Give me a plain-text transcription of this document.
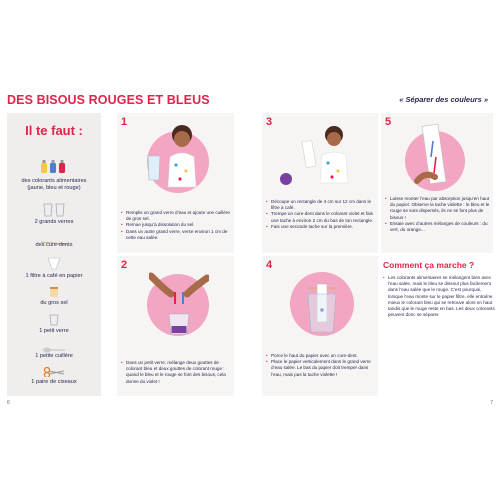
DES BISOUS ROUGES ET BLEUS	« Séparer des couleurs »
Il te faut :
des colorants alimentaires (jaune, bleu et rouge)
2 grands verres
des cure-dents
1 filtre à café en papier
du gros sel
1 petit verre
1 petite cuillère
1 paire de ciseaux
1
• Remplis un grand verre d’eau et ajoute une cuillère de gros sel.
• Remue jusqu’à dissolution du sel.
• Dans un autre grand verre, verse environ 1 cm de cette eau salée.
2
• Dans un petit verre, mélange deux gouttes de colorant bleu et deux gouttes de colorant rouge : quand le bleu et le rouge se font des bisous, cela donne du violet !
3
• Découpe un rectangle de 4 cm sur 12 cm dans le filtre à café.
• Trempe un cure-dent dans le colorant violet et fais une tache à environ 2 cm du bas de ton rectangle.
• Fais une seconde tache sur la première.
4
• Porce le haut du papier avec un cure-dent.
• Place le papier verticalement dans le grand verre d’eau salée. Le bas du papier doit tremper dans l’eau, mais pas la tache violette !
5
• Laisse monter l’eau par absorption jusqu’en haut du papier. Observe la tache violette : le bleu et le rouge se sont dispersés, ils ne se font plus de bisous !
• Essaie avec d’autres mélanges de couleurs : du vert, du orange...
Comment ça marche ?
• Les colorants alimentaires se mélangent bien avec l’eau salée, mais le bleu se dissout plus facilement dans l’eau salée que le rouge. C’est pourquoi, lorsque l’eau monte sur le papier filtre, elle entraîne mieux le colorant bleu qui se retrouve alors en haut tandis que le rouge reste en bas. Les deux colorants peuvent donc se séparer.
6	7
